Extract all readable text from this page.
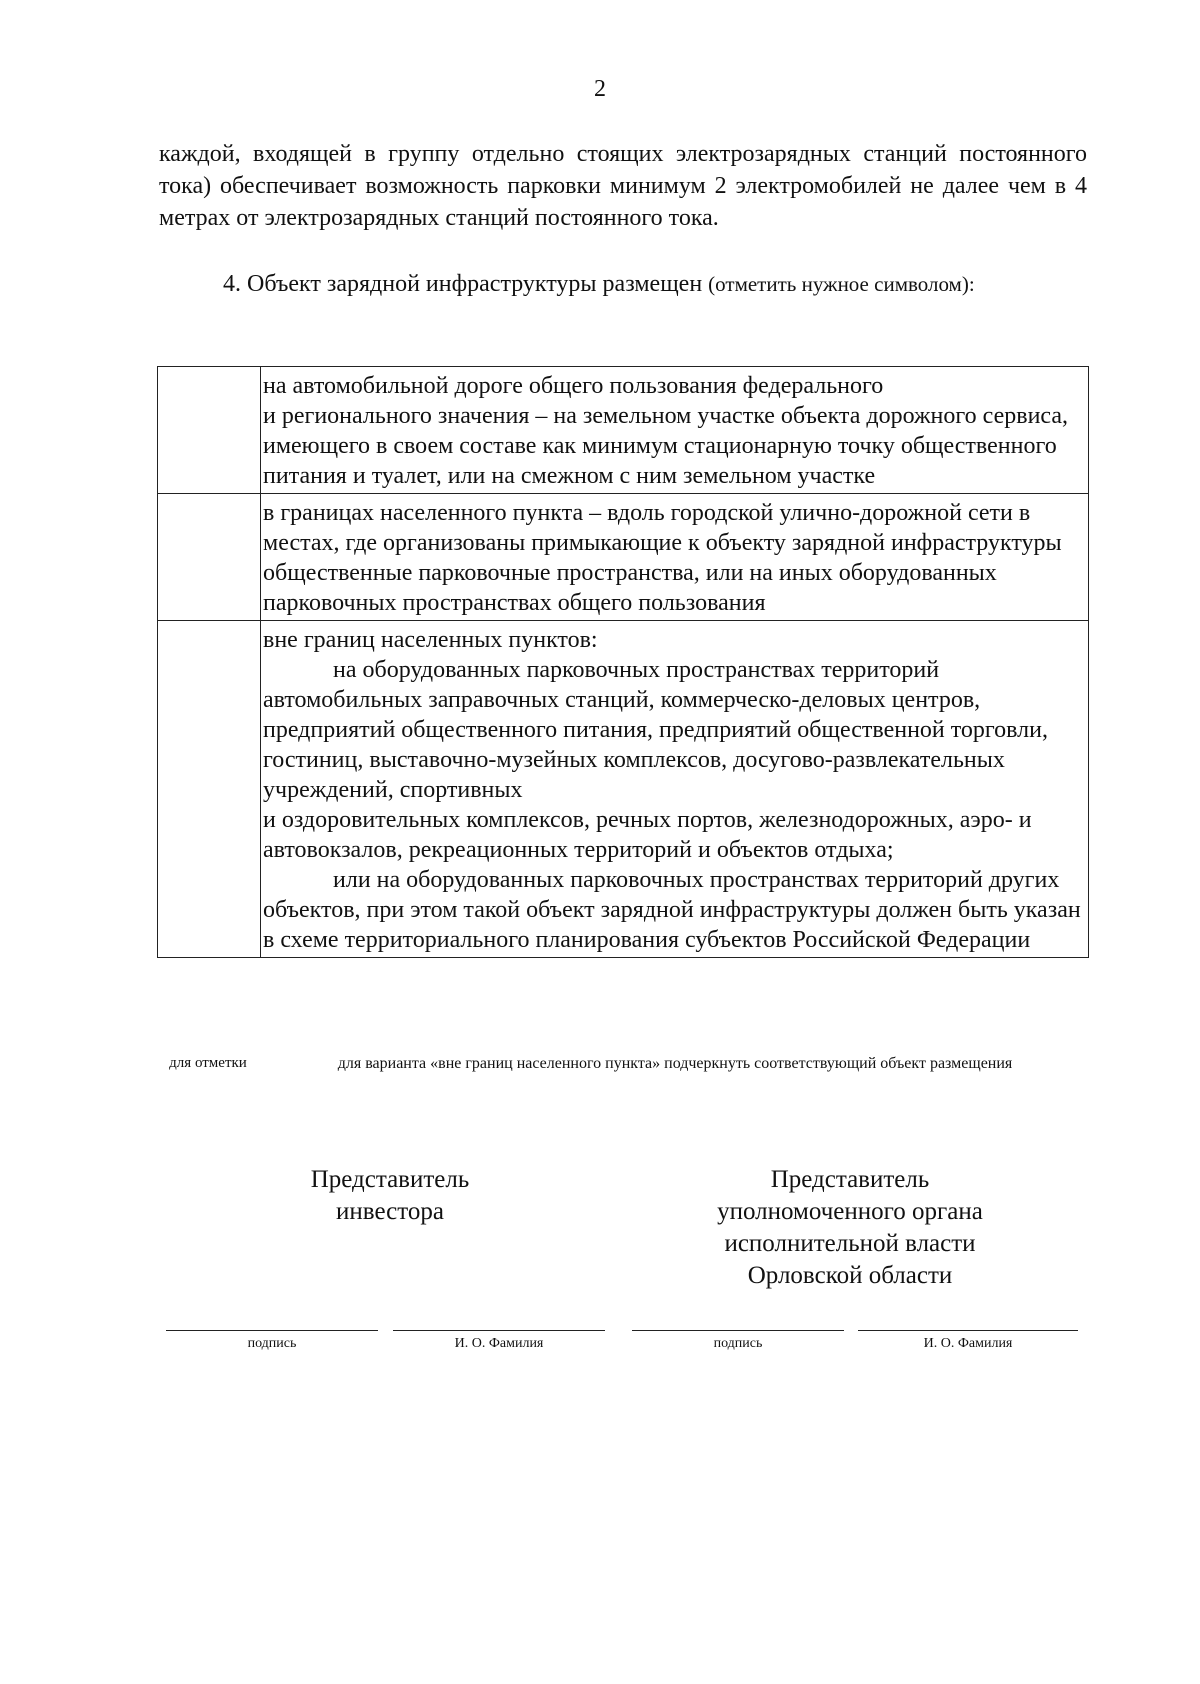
2

каждой, входящей в группу отдельно стоящих электрозарядных станций постоянного тока) обеспечивает возможность парковки минимум 2 электромобилей не далее чем в 4 метрах от электрозарядных станций постоянного тока.

4. Объект зарядной инфраструктуры размещен (отметить нужное символом):

	на автомобильной дороге общего пользования федерального
и регионального значения – на земельном участке объекта дорожного сервиса, имеющего в своем составе как минимум стационарную точку общественного питания и туалет, или на смежном с ним земельном участке

	в границах населенного пункта – вдоль городской улично-дорожной сети в местах, где организованы примыкающие к объекту зарядной инфраструктуры общественные парковочные пространства, или на иных оборудованных парковочных пространствах общего пользования

	вне границ населенных пунктов:
на оборудованных парковочных пространствах территорий автомобильных заправочных станций, коммерческо-деловых центров, предприятий общественного питания, предприятий общественной торговли, гостиниц, выставочно-музейных комплексов, досугово-развлекательных учреждений, спортивных
и оздоровительных комплексов, речных портов, железнодорожных, аэро- и автовокзалов, рекреационных территорий и объектов отдыха;
или на оборудованных парковочных пространствах территорий других объектов, при этом такой объект зарядной инфраструктуры должен быть указан в схеме территориального планирования субъектов Российской Федерации
для отметки	для варианта «вне границ населенного пункта» подчеркнуть соответствующий объект размещения
Представитель
инвестора
Представитель
уполномоченного органа
исполнительной власти
Орловской области
подпись	И. О. Фамилия	подпись	И. О. Фамилия
